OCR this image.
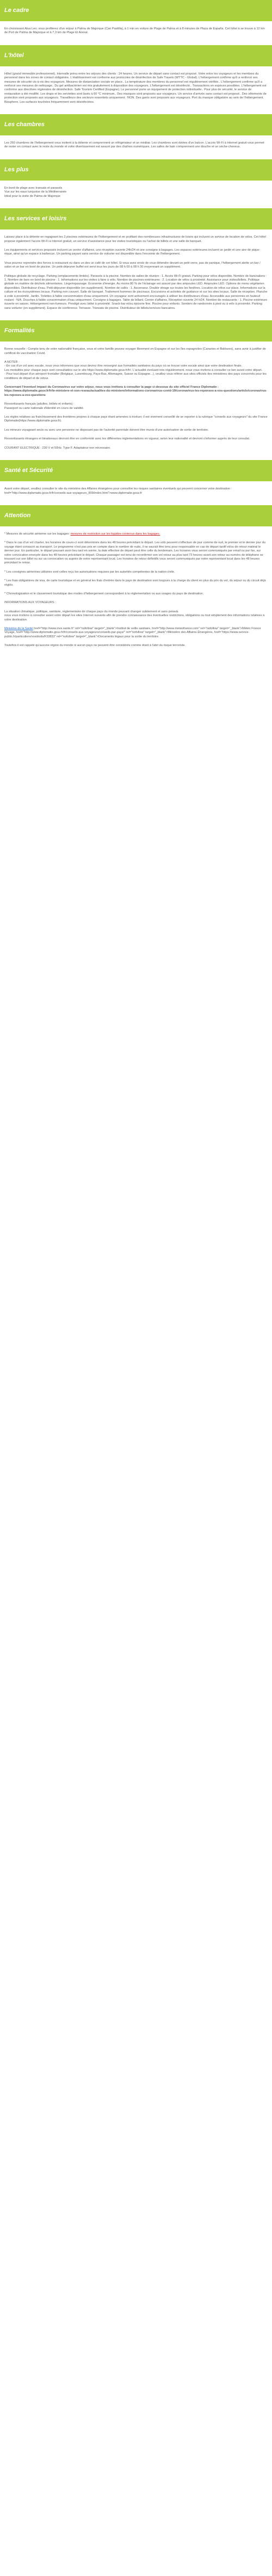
Le cadre

En choisissant Alua Leo, vous profiterez d'un séjour à Palma de Majorque (Can Pastilla), à 1 min en voiture de Plage de Palma et à 8 minutes de Plaza de España. Cet hôtel à se trouve à 12 km de Port de Palma de Majorque et à 7,3 km de Plage El Arenal.

L'hôtel

Hôtel (grand immeuble professionnel). Intervalle prévu entre les séjours des clients : 24 heures. Un service de départ sans contact est proposé. Votre entre les voyageurs et les membres du personnel dans les zones de contact obligatoire. L'établissement est conforme aux protocoles de désinfection de Safe Travels (WTTC - Global). L'hébergement confirme qu'il a renforcé ses mesures de sécurité vis-à-vis des voyageurs. Mesures de distanciation sociale en place.. La température des membres du personnel est régulièrement vérifiée.. L'hébergement confirme qu'il a renforcé ses mesures de nettoyage.. Du gel antibactérien est mis gratuitement à disposition des voyageurs. L'hébergement est désinfecté.. Transactions en espèces possibles. L'hébergement est conforme aux directives régionales de désinfection. Safe Tourism Certified (Espagne). Le personnel porte un équipement de protection individuelle.. Pour plus de sécurité, le service de restauration a été modifié. Les draps et les serviettes sont lavés à 60 °C minimum.. Des masques sont proposés aux voyageurs. Un service d'arrivée sans contact est proposé.. Des vêtements de protection sont proposés aux voyageurs. Travailleurs des secteurs essentiels uniquement : NON. Des gants sont proposés aux voyageurs. Port du masque obligatoire au sein de l'hébergement. Biosphere. Les surfaces touchées fréquemment sont désinfectées.

Les chambres

Les 260 chambres de l'hébergement vous invitent à la détente et comprennent un réfrigérateur et un minibar. Les chambres sont dotées d'un balcon. L'accès Wi-Fi à Internet gratuit vous permet de rester en contact avec le reste du monde et votre divertissement est assuré par des chaînes numériques. Les salles de bain comprennent une douche et un sèche-cheveux.

Les plus

En bord de plage avec transats et parasols
Vue sur les eaux turquoise de la Méditerranée
Idéal pour la visite de Palma de Majorque

Les services et loisirs

Laissez place à la détente en regagnant les 2 piscines extérieures de l'hébergement et en profitant des nombreuses infrastructures de loisirs qui incluent un service de location de vélos. Cet hôtel propose également l'accès Wi-Fi à Internet gratuit, un service d'assistance pour les visites touristiques ou l'achat de billets et une salle de banquet.

Les équipements et services proposés incluent un centre d'affaires, une réception ouverte 24h/24 et une consigne à bagages. Les espaces extérieures incluent un jardin et une aire de pique-nique, ainsi qu'un espace à barbecue. Un parking payant sans service de voiturier est disponible dans l'enceinte de l'hébergement.

Vous pourrez reprendre des forces à restaurant ou dans un des un café de cet hôtel. Si vous avez envie de vous détendre devant un petit verre, pas de panique, l'hébergement abrite un bar / salon et un bar en bord de piscine. Un petit-déjeuner buffet est servi tous les jours de 08 h 00 à 08 h 30 moyennant un supplément.

Politique globale de recyclage. Parking (emplacements limités). Parasols à la piscine. Nombre de salles de réunion : 1. Accès Wi-Fi gratuit. Parking pour vélos disponible. Nombre de bars/salons : 1. Nombre de bars en bord de piscine : 1. Informations sur les visites à faire à vélo. Nombre de piscines extérieures : 2. Location de vélos à proximité. Assistance pour visites/billets. Politique globale en matière de déchets alimentaires. Linge/repassage. Économie d'énergie. Au moins 80 % de l'éclairage est assuré par des ampoules LED. Ampoules LED. Options de menu végétarien disponibles. Distributeur d'eau. Petit-déjeuner disponible (en supplément). Nombre de cafés : 1. Ascenseur. Double vitrage sur toutes les fenêtres. Location de vélos sur place. Informations sur la culture et les écosystèmes locaux. Parking non couvert. Salle de banquet. Traitement hommes de piscinaux. Excursions et activités de guidance et sur les sites locaux. Salle de réception. Planche à voile à proximité. Jardin. Toilettes à faible consommation d'eau uniquement. Un voyageur sont activement encouragés à utiliser les distributeurs d'eau. Accessible aux personnes en fauteuil roulant - N/A. Douches à faible consommation d'eau uniquement. Consigne à bagages. Table de billard. Centre d'affaires. Réception ouverte 24 h/24. Nombre de restaurants : 1. Piscine extérieure ouverte en saison. Hébergement non-fumeurs. Prestigé avec bébé à proximité. Snack-bar et/ou épicerie fine. Piscine pour enfants. Sentiers de randonnée à pied ou à vélo à proximité. Parking sans voiturier (en supplément). Espace de conférence. Terrasse. Transats de piscine. Distributeur de billets/services bancaires.

Formalités

Bonne nouvelle : Compte tenu de votre nationalité française, vous et votre famille pouvez voyager librement en Espagne et sur les îles espagnoles (Canaries et Baléares), sans avoir à justifier de certificat de vaccination Covid.

A NOTER :
- En cas d'un vol avec escale, nous vous informons que vous devrez être renseigné aux formalités sanitaires du pays où se trouve votre escale ainsi que votre destination finale.
Les modalités pour chaque pays sont consultables sur le site https://www.diplomatie.gouv.fr/fr/. L'actualité évoluant très régulièrement, nous vous invitons à consulter ce lien avant votre départ.
- Pour tout départ d'un aéroport frontalier (Belgique, Luxembourg, Pays-Bas, Allemagne, Suisse ou Espagne...), veuillez vous référer aux sites officiels des ministères des pays concernés pour les conditions de départ et de retour.

Concernant l'éventuel impact du Coronavirus sur votre séjour, nous vous invitons à consulter la page ci-dessous du site officiel France Diplomatie : https://www.diplomatie.gouv.fr/fr/le-ministere-et-son-reseau/actualites-du-ministere/informations-coronavirus-covid-19/coronavirus-les-reponses-a-vos-questions/article/coronavirus-les-reposes-a-vos-questions

Ressortissants français (adultes, bébés et enfants) :
Passeport ou carte nationale d'identité en cours de validité.

Les règles relatives au franchissement des frontières propres à chaque pays étant amenées à évoluer, il est vivement conseillé de se reporter à la rubrique "conseils aux voyageurs" du site France Diplomatie(https://www.diplomatie.gouv.fr).

Les mineurs voyageant seuls ou avec une personne ne disposant pas de l'autorité parentale doivent être munis d'une autorisation de sortie de territoire.

Ressortissants étrangers et binationaux devront être en conformité avec les différentes réglementations en vigueur, selon leur nationalité et devront s'informer auprès de leur consulat.

COURANT ELECTRIQUE : 230 V et 50Hz. Type F. Adaptateur non nécessaire.

Santé et Sécurité

Avant votre départ, veuillez consulter le site du ministère des Affaires étrangères pour connaître les risques sanitaires éventuels qui peuvent concerner votre destination : href="http://www.diplomatie.gouv.fr/fr/conseils-aux-voyageurs_909/index.html">www.diplomatie.gouv.fr

Attention

* Mesures de sécurité aérienne sur les bagages: mesures de restriction sur les liquides contenus dans les bagages.

* Dans le cas d'un vol charter, les horaires de cours-ci sont déterminés dans les 48 heures précédant le départ. Les vols peuvent s'effectuer de jour comme de nuit, le premier et le dernier jour du voyage étant consacré au transport. Le programme n'est pas pris en compte dans le nombre de nuits, il ne saurait être tenu pour responsable en cas de départ tardif et/ou de retour matinal le dernier jour. En particulier, le départ pouvant avoir lieu tard en soirée, la date effective de départ peut être celle du lendemain. Les horaires vous seront communiqués par email ou par fax, sur votre convocation envoyée dans les 48 heures précédant le départ. Chaque passager est tenu de reconfirmer son vol retour au plus tard 72 heures avant son retour au numéro de téléphone se trouvant sur son billet ou sur sa convocation ou auprès de notre représentant local. Les horaires de retour définitifs vous seront communiqués par notre représentant local dans les 48 heures précédant le retour.

* Les consignes aériennes utilisées sont celles reçu les autorisations requises par les autorités compétentes de la nation civile.

* Les frais obligatoires de visa, de carte touristique et en général les frais d'entrée dans le pays de destination sont toujours à la charge du client en plus du prix du vol, du séjour ou du circuit déjà réglés.

* Chronologisation et le classement touristique des modes d'hébergement correspondent à la réglementation ou aux usages du pays de destination.

INFORMATIONS AUX VOYAGEURS :

La situation climatique, politique, sanitaire, réglementaire de chaque pays du monde pouvant changer subitement et sans préavis
nous vous invitons à consulter avant votre départ les sites Internet suivants afin de prendre connaissance des éventuelles restrictions, obligations ou tout simplement des informations relatives à votre destination.

Ministère de la Santé href="http://www.invs.sante.fr" rel="nofollow" target="_blank">Institut de veille sanitaire, href="http://www.meteofrance.com" rel="nofollow" target="_blank">Météo France Voyage, href="http://www.diplomatie.gouv.fr/fr/conseils-aux-voyageurs/conseils-par-pays/" rel="nofollow" target="_blank">Ministère des Affaires Étrangères, href="https://www.service-public.fr/particuliers/vosdroits/F33833" rel="nofollow" target="_blank">Documents légaux pour la sortie du territoire.

Toutefois il est rappelé qu'aucune région du monde ni aucun pays ne peuvent être considérés comme étant à l'abri du risque terroriste.
